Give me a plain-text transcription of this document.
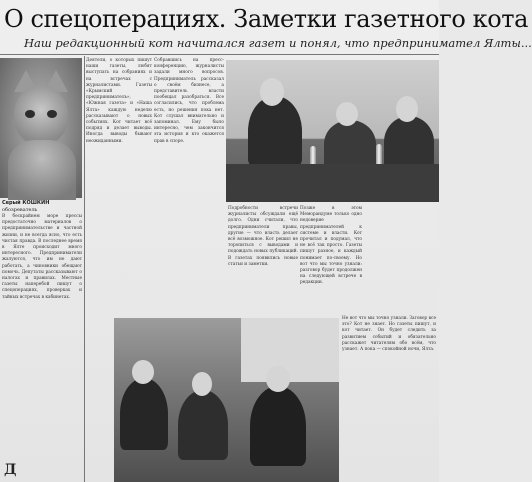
О спецоперациях. Заметки газетного кота
Наш редакционный кот начитался газет и понял, что предпринимател Ялты...
Серый КОШКИН
обозреватель
В бескрайнем море прессы предостаточно материалов о предпринимательстве и частной жизни, и не всегда ясно, что есть чистая правда. В последнее время в Ялте происходит много интересного. Предприниматели жалуются, что им не дают работать, а чиновники обещают помочь. Депутаты рассказывают о налогах и правилах. Местные газеты наперебой пишут о спецоперациях, проверках и тайных встречах в кабинетах.
Деятели, о которых пишут наши газеты, любят выступать на собраниях и на встречах с журналистами. Газеты «Крымский предприниматель», «Южная газета» и «Наша Ялта» каждую неделю рассказывают о новых событиях. Кот читает всё подряд и делает выводы. Иногда выводы бывают неожиданными.
Собравшись на пресс-конференцию, журналисты задали много вопросов. Предприниматель рассказал о своём бизнесе, а представитель власти пообещал разобраться. Все согласились, что проблема есть, но решения пока нет. Кот слушал внимательно и запоминал. Ему было интересно, чем закончится эта история и кто окажется прав в споре.
Подробности встречи журналисты обсуждали ещё долго. Одни считали, что предприниматели правы, другие — что власть делает всё возможное. Кот решил не торопиться с выводами и подождать новых публикаций. В газетах появились новые статьи и заметки.
Позже в этом Меморандуме только одно недоверие предпринимателей к системе и власти. Кот прочитал и подумал, что не всё так просто. Газеты пишут разное, и каждый понимает по-своему. Но вот что мы точно узнали: разговор будет продолжен на следующей встрече в редакции.
Не вот что мы точно узнали. Заговор все это? Кот не знает. Но газеты пишут, и кот читает. Он будет следить за развитием событий и обязательно расскажет читателям обо всём, что узнает. А пока — спокойной ночи, Ялта.
Д
